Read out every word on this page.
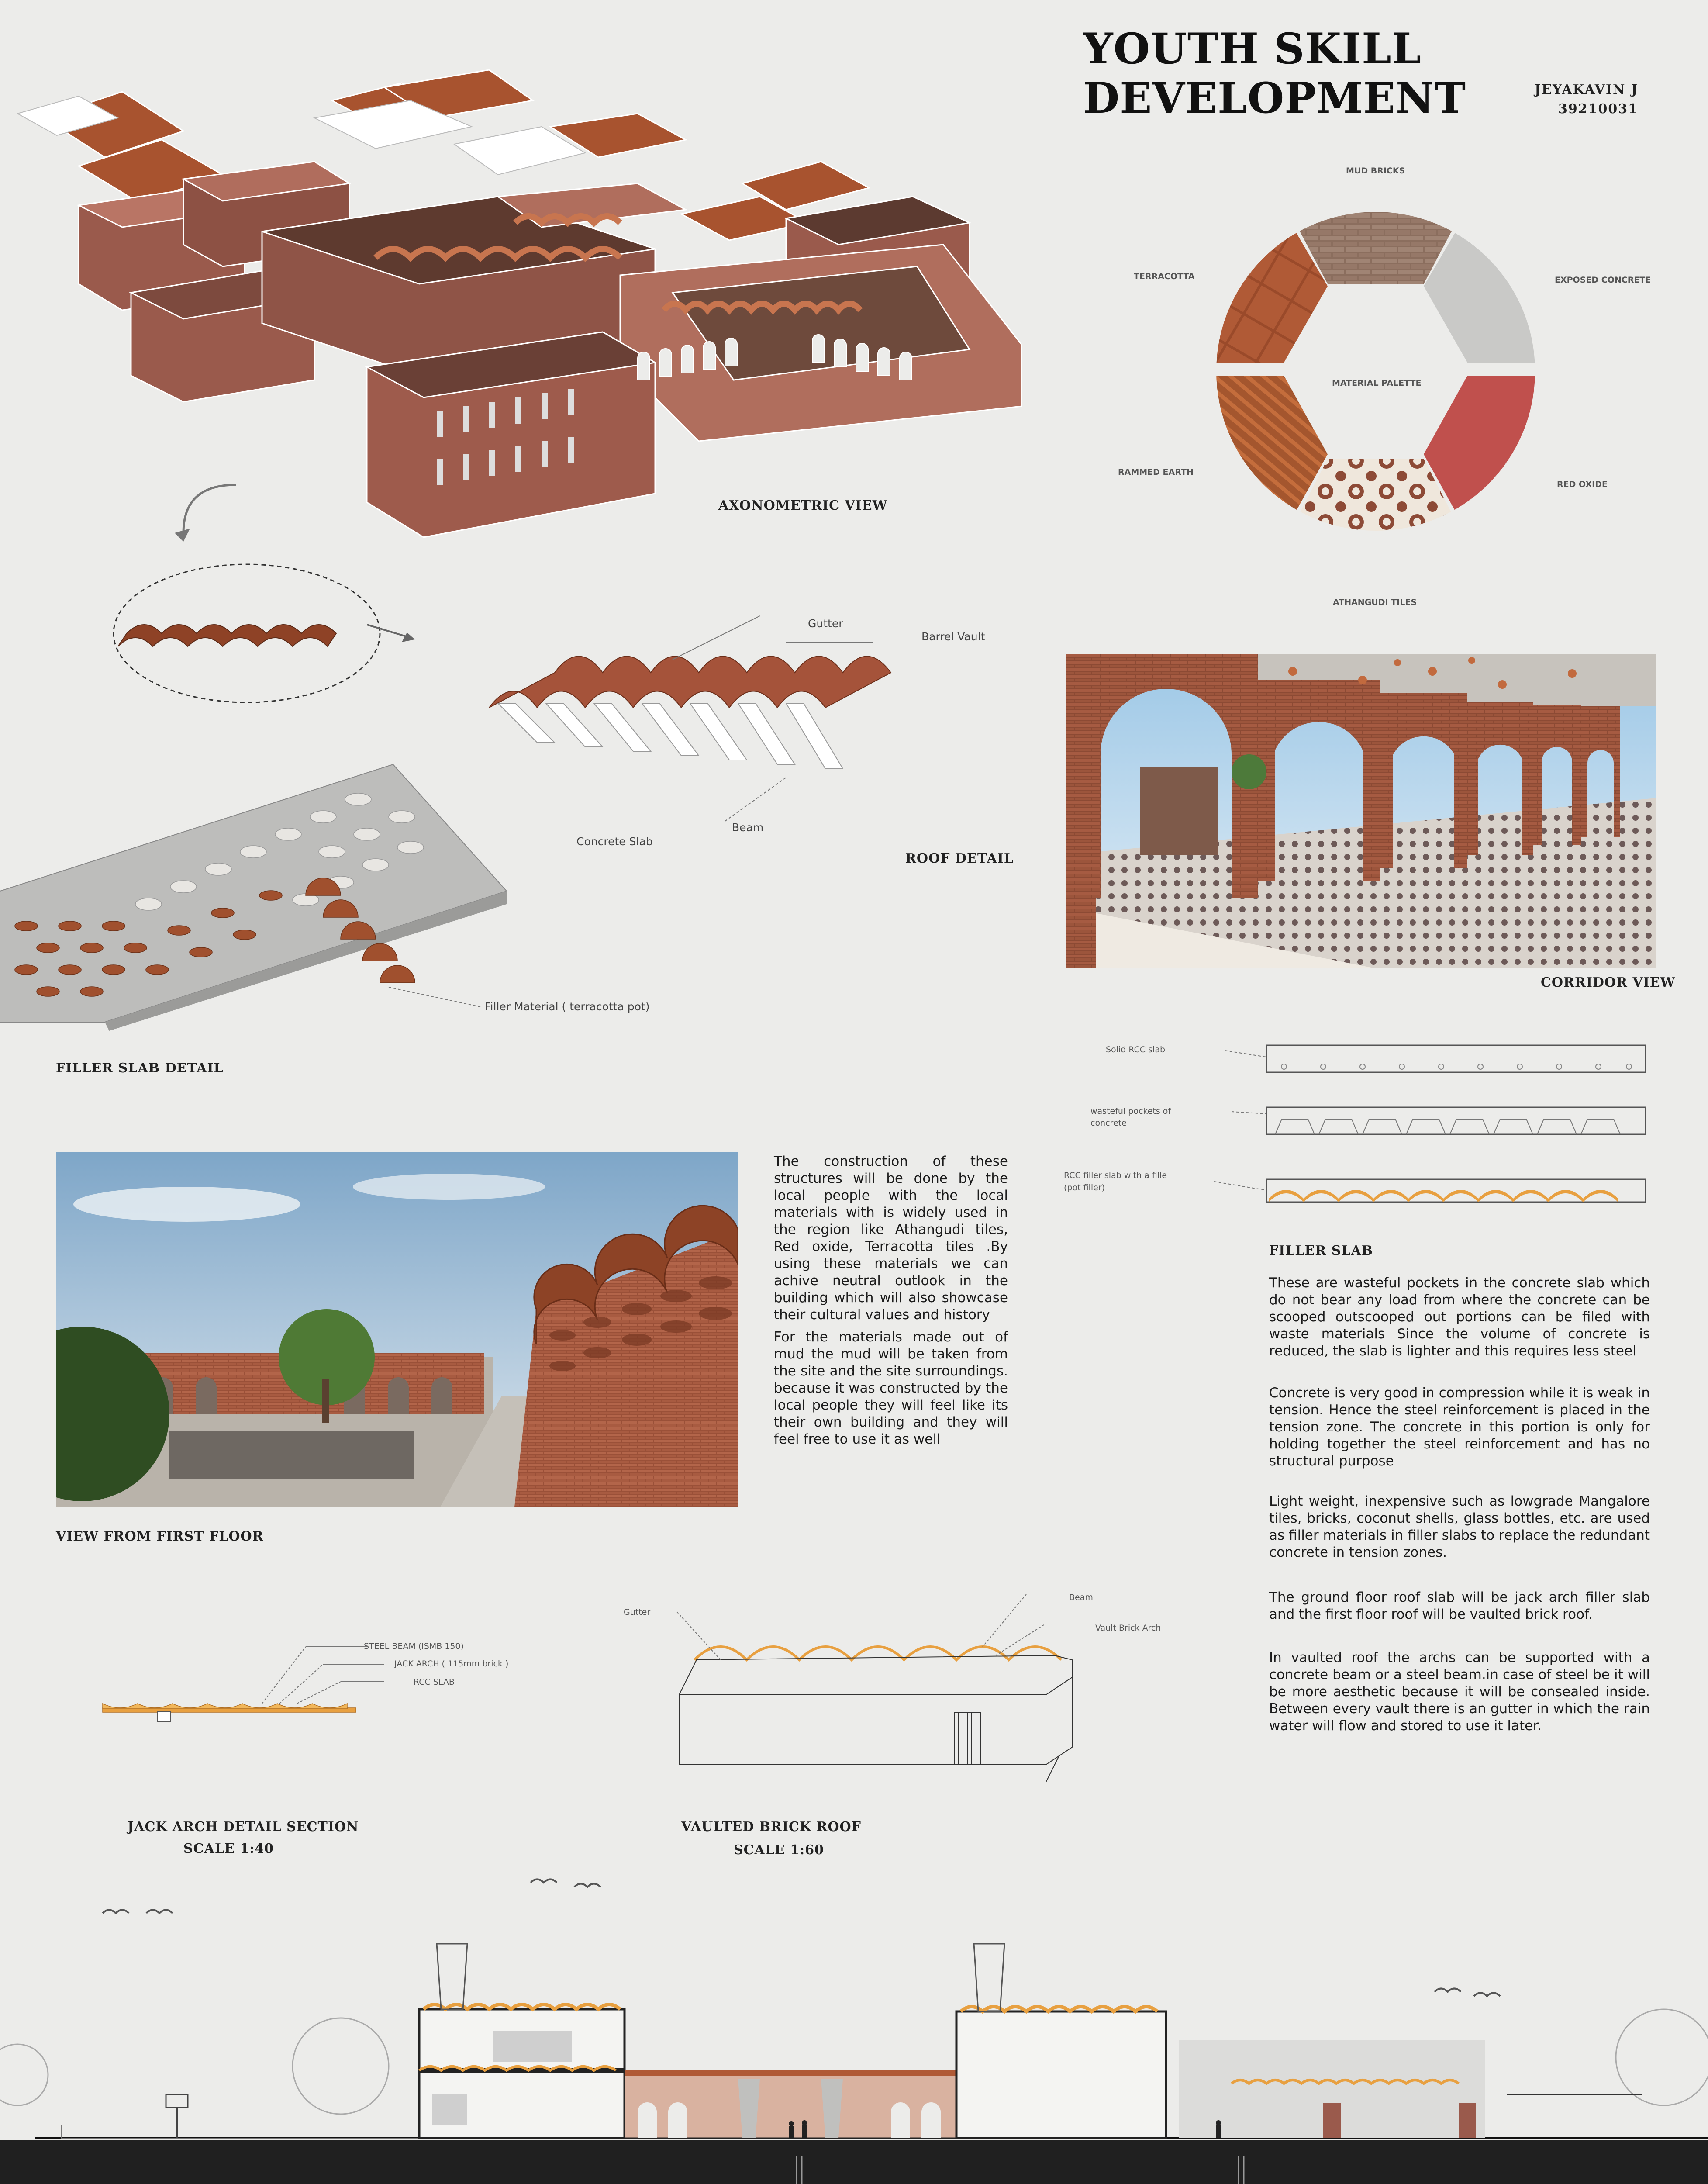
YOUTH SKILL DEVELOPMENT	JEYAKAVIN J
39210031
AXONOMETRIC VIEW
MATERIAL PALETTE
MUD BRICKS
EXPOSED CONCRETE
RED OXIDE
ATHANGUDI TILES
RAMMED EARTH
TERRACOTTA
Gutter
Barrel Vault
Beam
ROOF DETAIL
Concrete Slab
Filler Material ( terracotta pot)
FILLER SLAB DETAIL
CORRIDOR VIEW
Solid RCC slab
wasteful pockets of
concrete
RCC filler slab with a fille
(pot filler)
VIEW FROM FIRST FLOOR
The construction of these structures will be done by the local people with the local materials with is widely used in the region like Athangudi tiles, Red oxide, Terracotta tiles .By using these materials we can achive neutral outlook in the building which will also showcase their cultural values and history
For the materials made out of mud the mud will be taken from the site and the site surroundings. because it was constructed by the local people they will feel like its their own building and they will feel free to use it as well
FILLER SLAB
These are wasteful pockets in the concrete slab which do not bear any load from where the concrete can be scooped outscooped out portions can be filed with waste materials Since the volume of concrete is reduced, the slab is lighter and this requires less steel
Concrete is very good in compression while it is weak in tension. Hence the steel reinforcement is placed in the tension zone. The concrete in this portion is only for holding together the steel reinforcement and has no structural purpose
Light weight, inexpensive such as lowgrade Mangalore tiles, bricks, coconut shells, glass bottles, etc. are used as filler materials in filler slabs to replace the redundant concrete in tension zones.
The ground floor roof slab will be jack arch filler slab and the first floor roof will be vaulted brick roof.
In vaulted roof the archs can be supported with a concrete beam or a steel beam.in case of steel be it will be more aesthetic because it will be consealed inside. Between every vault there is an gutter in which the rain water will flow and stored to use it later.
STEEL BEAM (ISMB 150)
JACK ARCH ( 115mm brick )
RCC SLAB
JACK ARCH DETAIL SECTION
SCALE 1:40
Gutter
Beam
Vault Brick Arch
VAULTED BRICK ROOF
SCALE 1:60
